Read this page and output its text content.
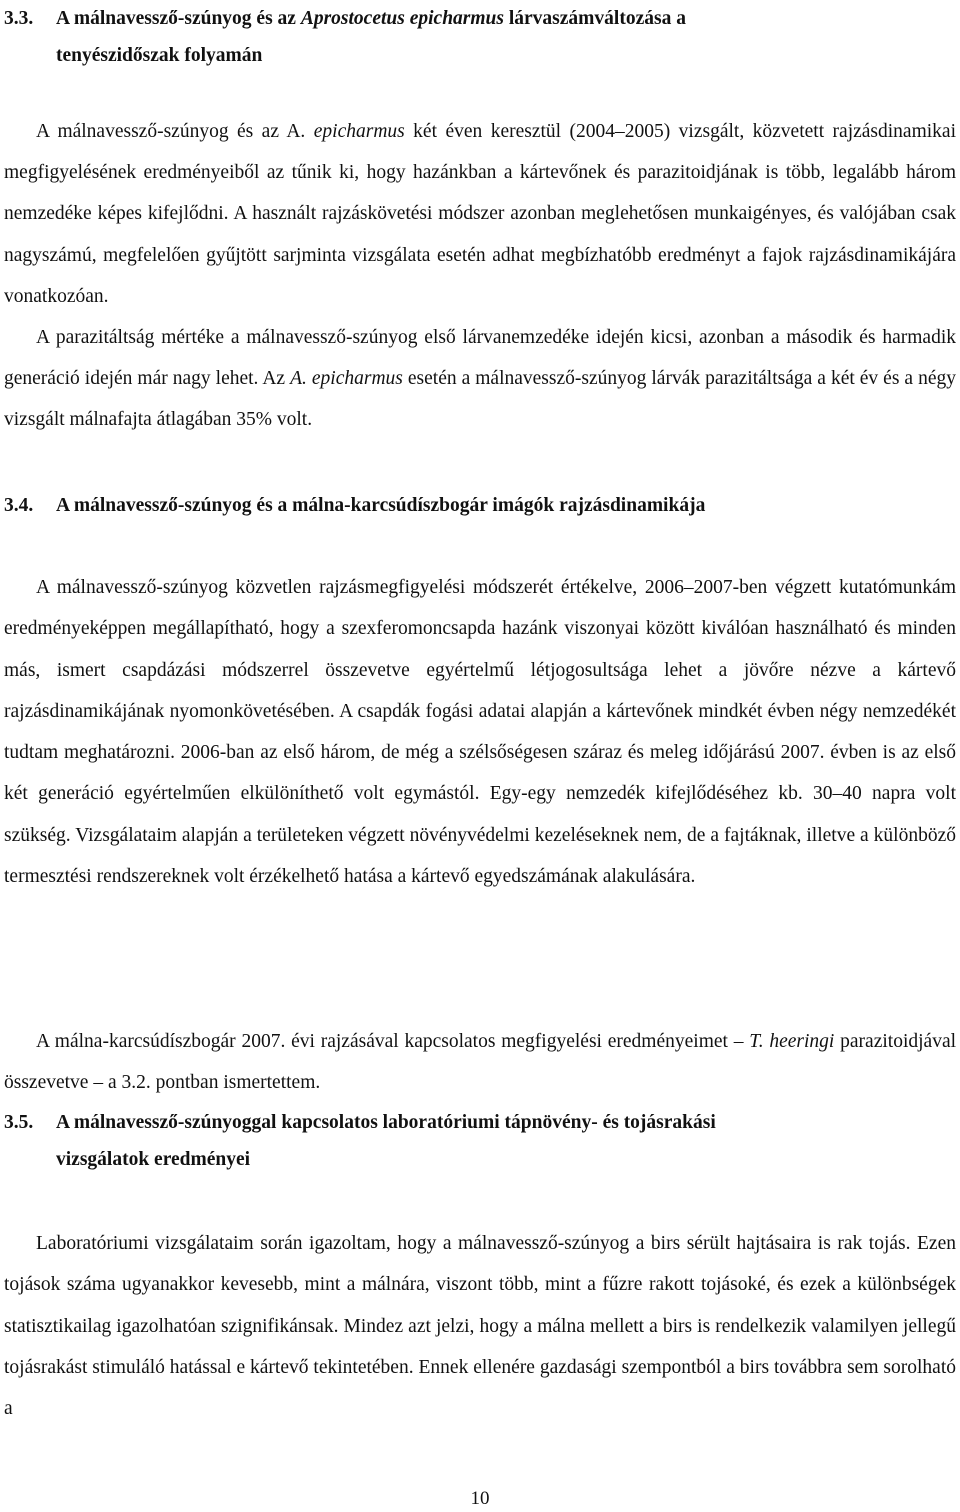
3.3. A málnavessző-szúnyog és az Aprostocetus epicharmus lárvaszámváltozása a
tenyészidőszak folyamán

A málnavessző-szúnyog és az A. epicharmus két éven keresztül (2004–2005) vizsgált, közvetett rajzásdinamikai megfigyelésének eredményeiből az tűnik ki, hogy hazánkban a kártevőnek és parazitoidjának is több, legalább három nemzedéke képes kifejlődni. A használt rajzáskövetési módszer azonban meglehetősen munkaigényes, és valójában csak nagyszámú, megfelelően gyűjtött sarjminta vizsgálata esetén adhat megbízhatóbb eredményt a fajok rajzásdinamikájára vonatkozóan.
A parazitáltság mértéke a málnavessző-szúnyog első lárvanemzedéke idején kicsi, azonban a második és harmadik generáció idején már nagy lehet. Az A. epicharmus esetén a málnavessző-szúnyog lárvák parazitáltsága a két év és a négy vizsgált málnafajta átlagában 35% volt.

3.4. A málnavessző-szúnyog és a málna-karcsúdíszbogár imágók rajzásdinamikája

A málnavessző-szúnyog közvetlen rajzásmegfigyelési módszerét értékelve, 2006–2007-ben végzett kutatómunkám eredményeképpen megállapítható, hogy a szexferomoncsapda hazánk viszonyai között kiválóan használható és minden más, ismert csapdázási módszerrel összevetve egyértelmű létjogosultsága lehet a jövőre nézve a kártevő rajzásdinamikájának nyomonkövetésében. A csapdák fogási adatai alapján a kártevőnek mindkét évben négy nemzedékét tudtam meghatározni. 2006-ban az első három, de még a szélsőségesen száraz és meleg időjárású 2007. évben is az első két generáció egyértelműen elkülöníthető volt egymástól. Egy-egy nemzedék kifejlődéséhez kb. 30–40 napra volt szükség. Vizsgálataim alapján a területeken végzett növényvédelmi kezeléseknek nem, de a fajtáknak, illetve a különböző termesztési rendszereknek volt érzékelhető hatása a kártevő egyedszámának alakulására.

A málna-karcsúdíszbogár 2007. évi rajzásával kapcsolatos megfigyelési eredményeimet – T. heeringi parazitoidjával összevetve – a 3.2. pontban ismertettem.

3.5. A málnavessző-szúnyoggal kapcsolatos laboratóriumi tápnövény- és tojásrakási
vizsgálatok eredményei

Laboratóriumi vizsgálataim során igazoltam, hogy a málnavessző-szúnyog a birs sérült hajtásaira is rak tojás. Ezen tojások száma ugyanakkor kevesebb, mint a málnára, viszont több, mint a fűzre rakott tojásoké, és ezek a különbségek statisztikailag igazolhatóan szignifikánsak. Mindez azt jelzi, hogy a málna mellett a birs is rendelkezik valamilyen jellegű tojásrakást stimuláló hatással e kártevő tekintetében. Ennek ellenére gazdasági szempontból a birs továbbra sem sorolható a

10
